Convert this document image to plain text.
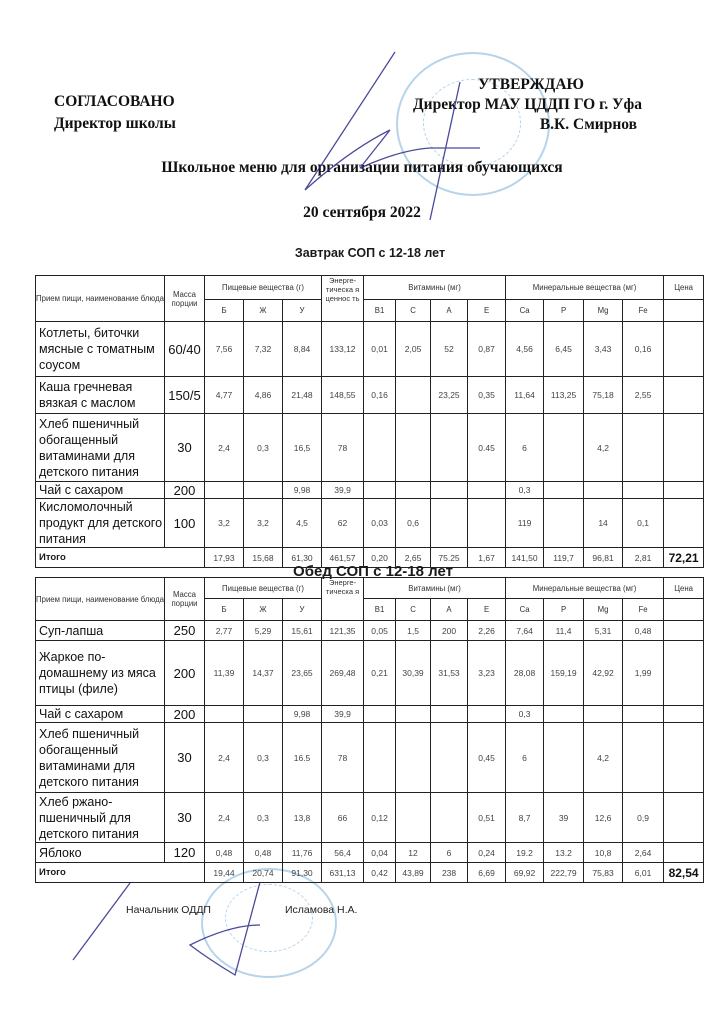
СОГЛАСОВАНО
Директор школы
УТВЕРЖДАЮ
Директор МАУ ЦДДП ГО г. Уфа
В.К. Смирнов
Школьное меню для организации питания обучающихся
20 сентября 2022
Завтрак СОП с 12-18 лет
Прием пищи, наименование блюда	Масса порции	Пищевые вещества (г)			Энерге- тическа я ценнос ть	Витамины (мг)				Минеральные вещества (мг)				Цена
		Б	Ж	У		B1	C	A	E	Ca	P	Mg	Fe	
Котлеты, биточки мясные с томатным соусом	60/40	7,56	7,32	8,84	133,12	0,01	2,05	52	0,87	4,56	6,45	3,43	0,16	
Каша гречневая вязкая с маслом	150/5	4,77	4,86	21,48	148,55	0,16		23,25	0,35	11,64	113,25	75,18	2,55	
Хлеб пшеничный обогащенный витаминами для детского питания	30	2,4	0,3	16,5	78				0.45	6		4,2		
Чай с сахаром	200			9,98	39,9					0,3				
Кисломолочный продукт для детского питания	100	3,2	3,2	4,5	62	0,03	0,6			119		14	0,1	
Итого		17,93	15,68	61,30	461,57	0,20	2,65	75.25	1,67	141,50	119,7	96,81	2,81	72,21
Обед СОП с 12-18 лет
Прием пищи, наименование блюда	Масса порции	Пищевые вещества (г)			Энерге- тическа я	Витамины (мг)				Минеральные вещества (мг)				Цена
		Б	Ж	У		B1	C	A	E	Ca	P	Mg	Fe	
Суп-лапша	250	2,77	5,29	15,61	121,35	0,05	1,5	200	2,26	7,64	11,4	5,31	0,48	
Жаркое по-домашнему из мяса птицы (филе)	200	11,39	14,37	23,65	269,48	0,21	30,39	31,53	3,23	28,08	159,19	42,92	1,99	
Чай с сахаром	200			9,98	39,9					0,3				
Хлеб пшеничный обогащенный витаминами для детского питания	30	2,4	0,3	16.5	78				0,45	6		4,2		
Хлеб ржано-пшеничный для детского питания	30	2,4	0,3	13,8	66	0,12			0,51	8,7	39	12,6	0,9	
Яблоко	120	0,48	0,48	11,76	56,4	0,04	12	6	0,24	19.2	13.2	10,8	2,64	
Итого		19,44	20,74	91,30	631,13	0,42	43,89	238	6,69	69,92	222,79	75,83	6,01	82,54
Начальник ОДДП	Исламова Н.А.
